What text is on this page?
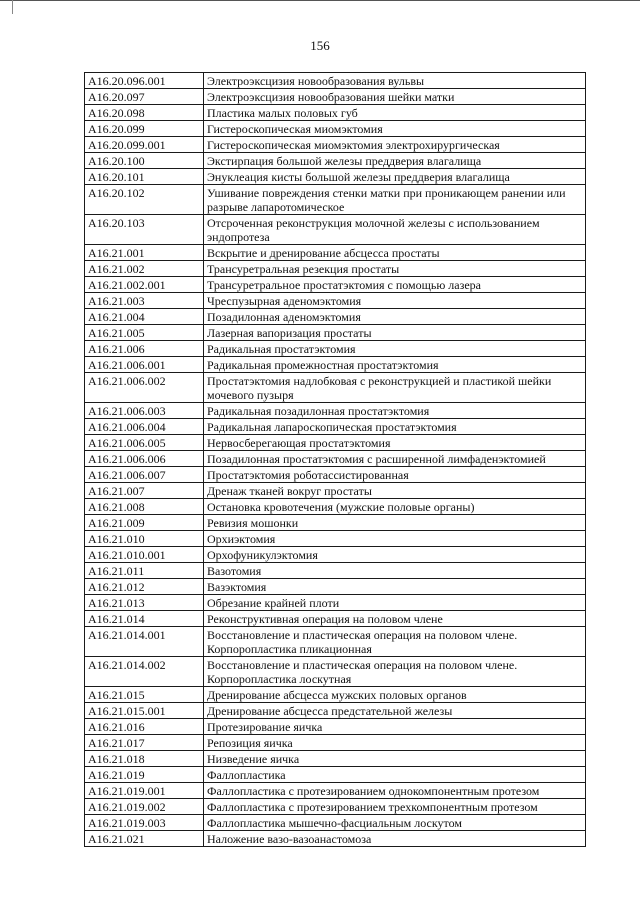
156
A16.20.096.001	Электроэксцизия новообразования вульвы
A16.20.097	Электроэксцизия новообразования шейки матки
A16.20.098	Пластика малых половых губ
A16.20.099	Гистероскопическая миомэктомия
A16.20.099.001	Гистероскопическая миомэктомия электрохирургическая
A16.20.100	Экстирпация большой железы преддверия влагалища
A16.20.101	Энуклеация кисты большой железы преддверия влагалища
A16.20.102	Ушивание повреждения стенки матки при проникающем ранении или разрыве лапаротомическое
A16.20.103	Отсроченная реконструкция молочной железы с использованием эндопротеза
A16.21.001	Вскрытие и дренирование абсцесса простаты
A16.21.002	Трансуретральная резекция простаты
A16.21.002.001	Трансуретральное простатэктомия с помощью лазера
A16.21.003	Чреспузырная аденомэктомия
A16.21.004	Позадилонная аденомэктомия
A16.21.005	Лазерная вапоризация простаты
A16.21.006	Радикальная простатэктомия
A16.21.006.001	Радикальная промежностная простатэктомия
A16.21.006.002	Простатэктомия надлобковая с реконструкцией и пластикой шейки мочевого пузыря
A16.21.006.003	Радикальная позадилонная простатэктомия
A16.21.006.004	Радикальная лапароскопическая простатэктомия
A16.21.006.005	Нервосберегающая простатэктомия
A16.21.006.006	Позадилонная простатэктомия с расширенной лимфаденэктомией
A16.21.006.007	Простатэктомия роботассистированная
A16.21.007	Дренаж тканей вокруг простаты
A16.21.008	Остановка кровотечения (мужские половые органы)
A16.21.009	Ревизия мошонки
A16.21.010	Орхиэктомия
A16.21.010.001	Орхофуникулэктомия
A16.21.011	Вазотомия
A16.21.012	Вазэктомия
A16.21.013	Обрезание крайней плоти
A16.21.014	Реконструктивная операция на половом члене
A16.21.014.001	Восстановление и пластическая операция на половом члене. Корпоропластика пликационная
A16.21.014.002	Восстановление и пластическая операция на половом члене. Корпоропластика лоскутная
A16.21.015	Дренирование абсцесса мужских половых органов
A16.21.015.001	Дренирование абсцесса предстательной железы
A16.21.016	Протезирование яичка
A16.21.017	Репозиция яичка
A16.21.018	Низведение яичка
A16.21.019	Фаллопластика
A16.21.019.001	Фаллопластика с протезированием однокомпонентным протезом
A16.21.019.002	Фаллопластика с протезированием трехкомпонентным протезом
A16.21.019.003	Фаллопластика мышечно-фасциальным лоскутом
A16.21.021	Наложение вазо-вазоанастомоза
